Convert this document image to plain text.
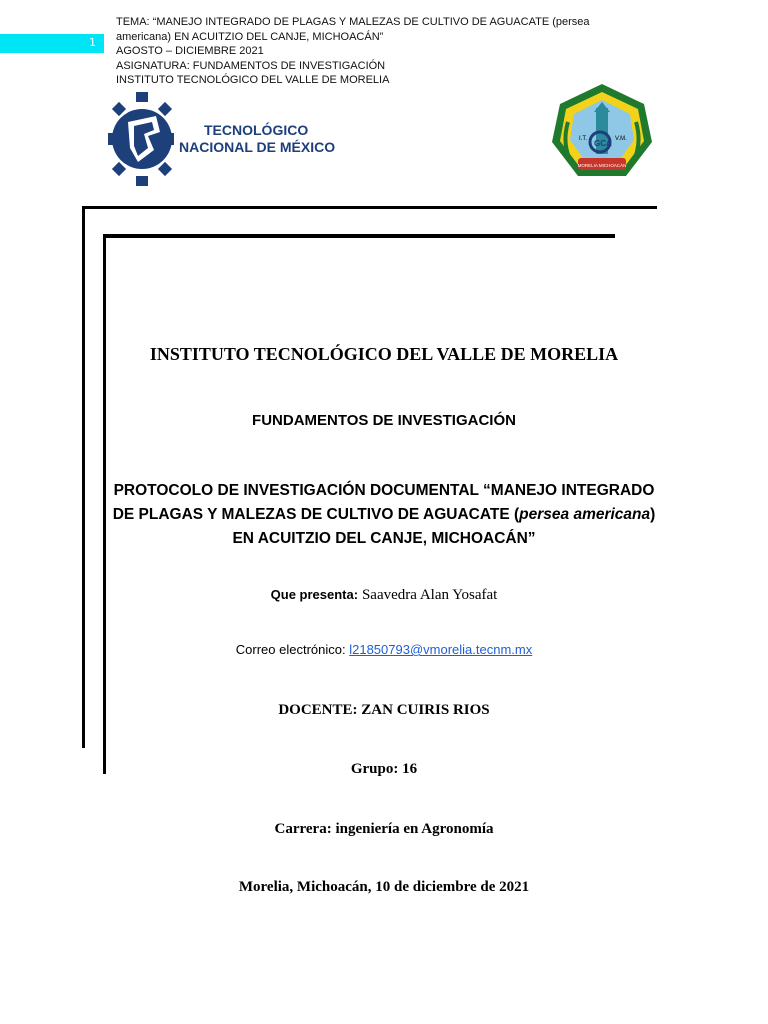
1
TEMA: “MANEJO INTEGRADO DE PLAGAS Y MALEZAS DE CULTIVO DE AGUACATE (persea americana) EN ACUITZIO DEL CANJE, MICHOACÁN”
AGOSTO – DICIEMBRE 2021
ASIGNATURA: FUNDAMENTOS DE INVESTIGACIÓN
INSTITUTO TECNOLÓGICO DEL VALLE DE MORELIA
TECNOLÓGICO
NACIONAL DE MÉXICO	I.T.	V.M.
GCA
MORELIA MICHOACÁN
INSTITUTO TECNOLÓGICO DEL VALLE DE MORELIA
FUNDAMENTOS DE INVESTIGACIÓN
PROTOCOLO DE INVESTIGACIÓN DOCUMENTAL “MANEJO INTEGRADO DE PLAGAS Y MALEZAS DE CULTIVO DE AGUACATE (persea americana) EN ACUITZIO DEL CANJE, MICHOACÁN”
Que presenta: Saavedra Alan Yosafat
Correo electrónico: l21850793@vmorelia.tecnm.mx
DOCENTE: ZAN CUIRIS RIOS
Grupo: 16
Carrera: ingeniería en Agronomía
Morelia, Michoacán, 10 de diciembre de 2021
